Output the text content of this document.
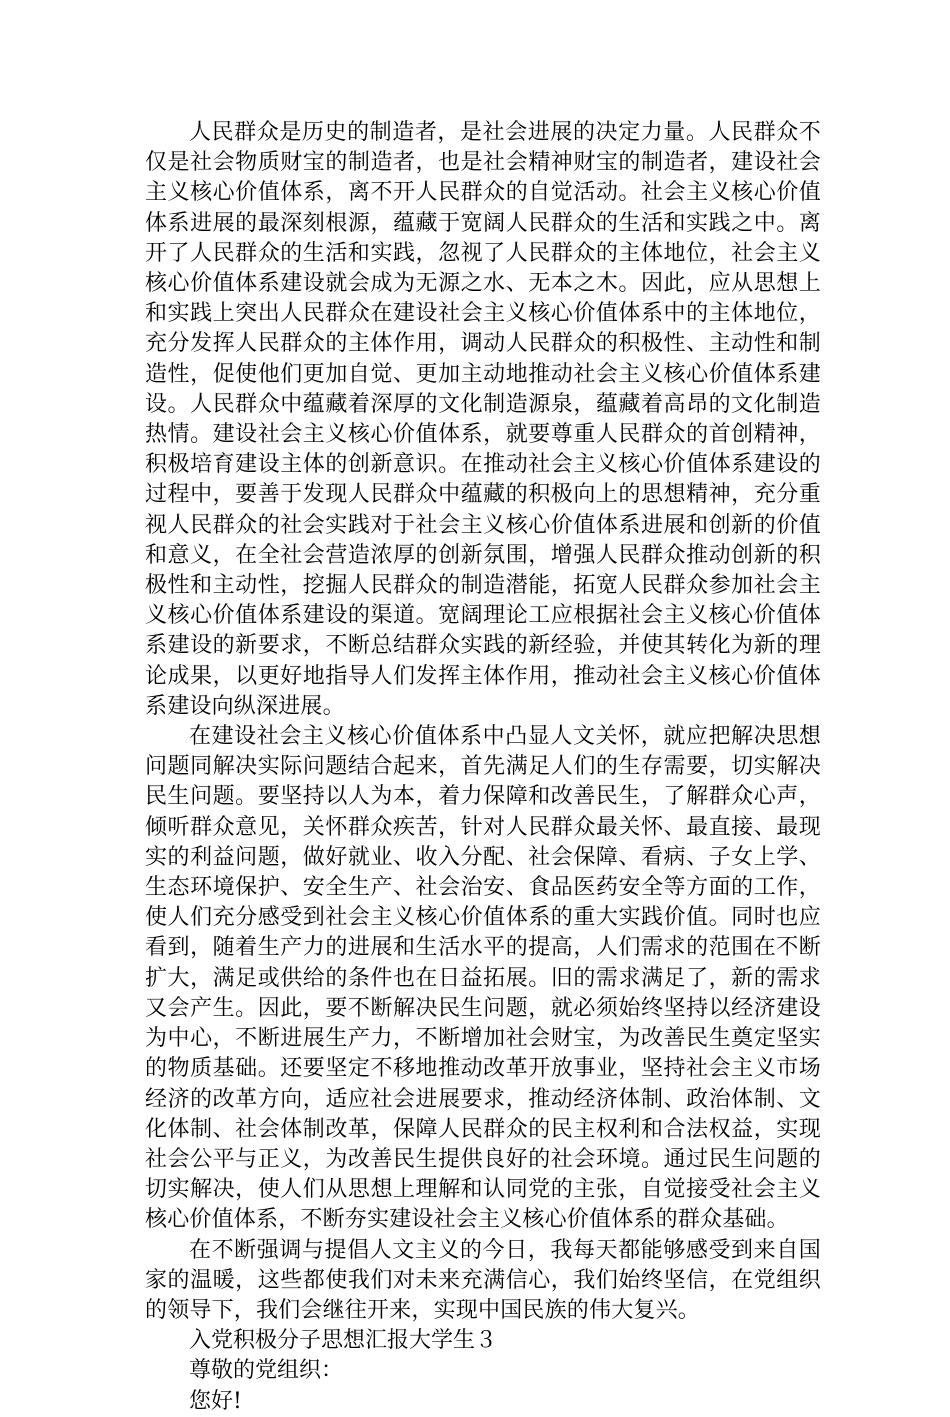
人民群众是历史的制造者，是社会进展的决定力量。人民群众不仅是社会物质财宝的制造者，也是社会精神财宝的制造者，建设社会主义核心价值体系，离不开人民群众的自觉活动。社会主义核心价值体系进展的最深刻根源，蕴藏于宽阔人民群众的生活和实践之中。离开了人民群众的生活和实践，忽视了人民群众的主体地位，社会主义核心价值体系建设就会成为无源之水、无本之木。因此，应从思想上和实践上突出人民群众在建设社会主义核心价值体系中的主体地位，充分发挥人民群众的主体作用，调动人民群众的积极性、主动性和制造性，促使他们更加自觉、更加主动地推动社会主义核心价值体系建设。人民群众中蕴藏着深厚的文化制造源泉，蕴藏着高昂的文化制造热情。建设社会主义核心价值体系，就要尊重人民群众的首创精神，积极培育建设主体的创新意识。在推动社会主义核心价值体系建设的过程中，要善于发现人民群众中蕴藏的积极向上的思想精神，充分重视人民群众的社会实践对于社会主义核心价值体系进展和创新的价值和意义，在全社会营造浓厚的创新氛围，增强人民群众推动创新的积极性和主动性，挖掘人民群众的制造潜能，拓宽人民群众参加社会主义核心价值体系建设的渠道。宽阔理论工应根据社会主义核心价值体系建设的新要求，不断总结群众实践的新经验，并使其转化为新的理论成果，以更好地指导人们发挥主体作用，推动社会主义核心价值体系建设向纵深进展。

在建设社会主义核心价值体系中凸显人文关怀，就应把解决思想问题同解决实际问题结合起来，首先满足人们的生存需要，切实解决民生问题。要坚持以人为本，着力保障和改善民生，了解群众心声，倾听群众意见，关怀群众疾苦，针对人民群众最关怀、最直接、最现实的利益问题，做好就业、收入分配、社会保障、看病、子女上学、生态环境保护、安全生产、社会治安、食品医药安全等方面的工作，使人们充分感受到社会主义核心价值体系的重大实践价值。同时也应看到，随着生产力的进展和生活水平的提高，人们需求的范围在不断扩大，满足或供给的条件也在日益拓展。旧的需求满足了，新的需求又会产生。因此，要不断解决民生问题，就必须始终坚持以经济建设为中心，不断进展生产力，不断增加社会财宝，为改善民生奠定坚实的物质基础。还要坚定不移地推动改革开放事业，坚持社会主义市场经济的改革方向，适应社会进展要求，推动经济体制、政治体制、文化体制、社会体制改革，保障人民群众的民主权利和合法权益，实现社会公平与正义，为改善民生提供良好的社会环境。通过民生问题的切实解决，使人们从思想上理解和认同党的主张，自觉接受社会主义核心价值体系，不断夯实建设社会主义核心价值体系的群众基础。

在不断强调与提倡人文主义的今日，我每天都能够感受到来自国家的温暖，这些都使我们对未来充满信心，我们始终坚信，在党组织的领导下，我们会继往开来，实现中国民族的伟大复兴。

入党积极分子思想汇报大学生３

尊敬的党组织：

您好!
